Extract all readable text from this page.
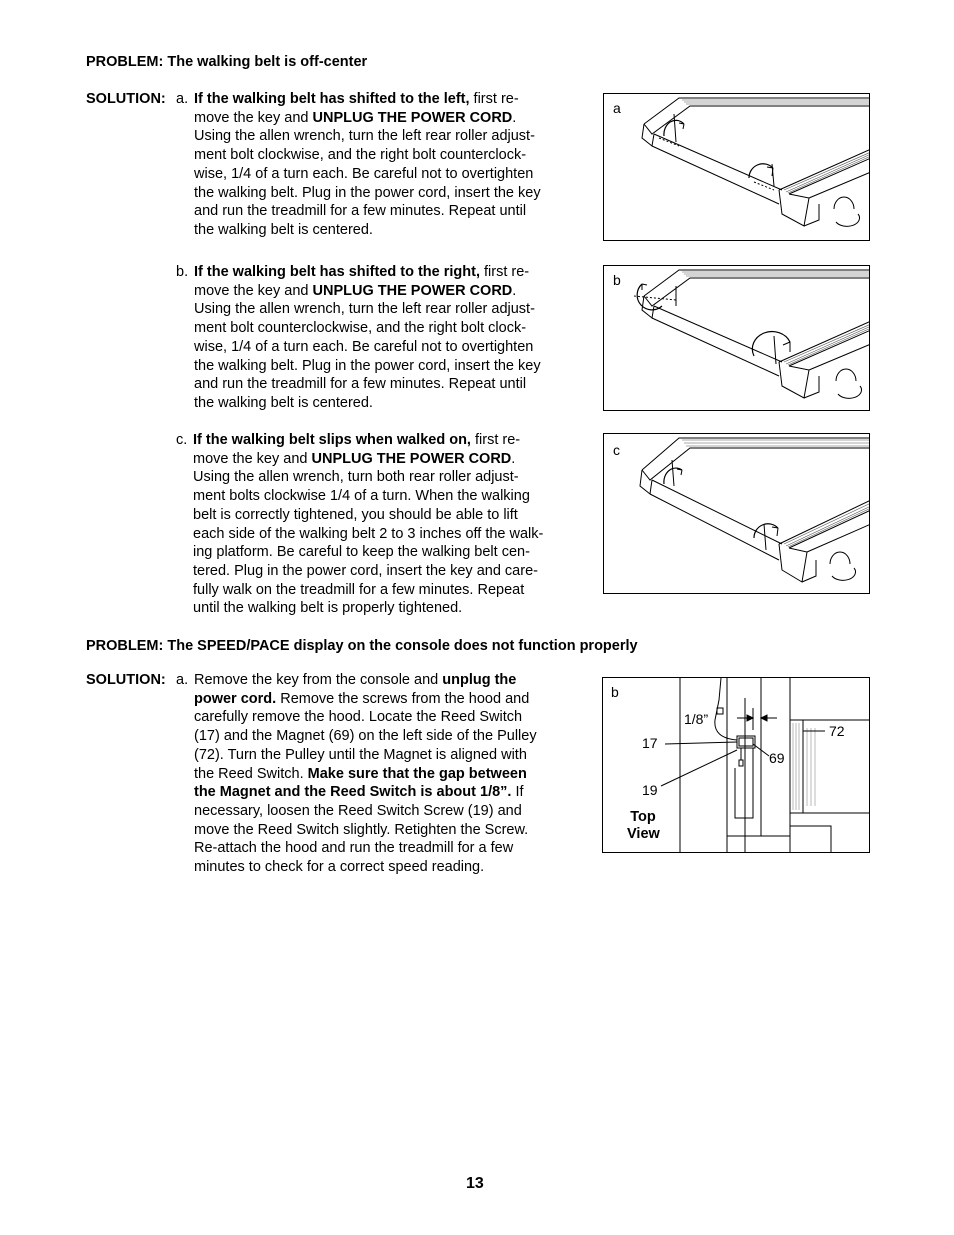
PROBLEM: The walking belt is off-center
SOLUTION: a. If the walking belt has shifted to the left, first re-
move the key and UNPLUG THE POWER CORD.
Using the allen wrench, turn the left rear roller adjust-
ment bolt clockwise, and the right bolt counterclock-
wise, 1/4 of a turn each. Be careful not to overtighten
the walking belt. Plug in the power cord, insert the key
and run the treadmill for a few minutes. Repeat until
the walking belt is centered.
b. If the walking belt has shifted to the right, first re-
move the key and UNPLUG THE POWER CORD.
Using the allen wrench, turn the left rear roller adjust-
ment bolt counterclockwise, and the right bolt clock-
wise, 1/4 of a turn each. Be careful not to overtighten
the walking belt. Plug in the power cord, insert the key
and run the treadmill for a few minutes. Repeat until
the walking belt is centered.
c. If the walking belt slips when walked on, first re-
move the key and UNPLUG THE POWER CORD.
Using the allen wrench, turn both rear roller adjust-
ment bolts clockwise 1/4 of a turn. When the walking
belt is correctly tightened, you should be able to lift
each side of the walking belt 2 to 3 inches off the walk-
ing platform. Be careful to keep the walking belt cen-
tered. Plug in the power cord, insert the key and care-
fully walk on the treadmill for a few minutes. Repeat
until the walking belt is properly tightened.
a
b
c
PROBLEM: The SPEED/PACE display on the console does not function properly
SOLUTION: a. Remove the key from the console and unplug the
power cord. Remove the screws from the hood and
carefully remove the hood. Locate the Reed Switch
(17) and the Magnet (69) on the left side of the Pulley
(72). Turn the Pulley until the Magnet is aligned with
the Reed Switch. Make sure that the gap between
the Magnet and the Reed Switch is about 1/8”. If
necessary, loosen the Reed Switch Screw (19) and
move the Reed Switch slightly. Retighten the Screw.
Re-attach the hood and run the treadmill for a few
minutes to check for a correct speed reading.
b
1/8”
17
69
72
19
Top
View
13
